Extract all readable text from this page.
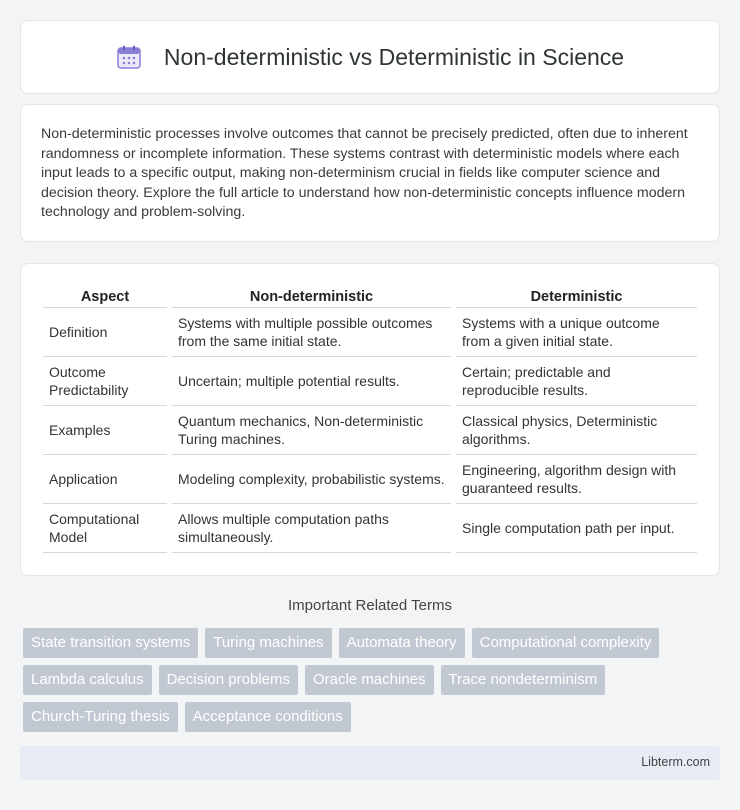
Non-deterministic vs Deterministic in Science

Non-deterministic processes involve outcomes that cannot be precisely predicted, often due to inherent randomness or incomplete information. These systems contrast with deterministic models where each input leads to a specific output, making non-determinism crucial in fields like computer science and decision theory. Explore the full article to understand how non-deterministic concepts influence modern technology and problem-solving.

Aspect	Non-deterministic	Deterministic
Definition	Systems with multiple possible outcomes from the same initial state.	Systems with a unique outcome from a given initial state.
Outcome Predictability	Uncertain; multiple potential results.	Certain; predictable and reproducible results.
Examples	Quantum mechanics, Non-deterministic Turing machines.	Classical physics, Deterministic algorithms.
Application	Modeling complexity, probabilistic systems.	Engineering, algorithm design with guaranteed results.
Computational Model	Allows multiple computation paths simultaneously.	Single computation path per input.
Important Related Terms
State transition systems	Turing machines	Automata theory	Computational complexity
Lambda calculus	Decision problems	Oracle machines	Trace nondeterminism
Church-Turing thesis	Acceptance conditions
Libterm.com
